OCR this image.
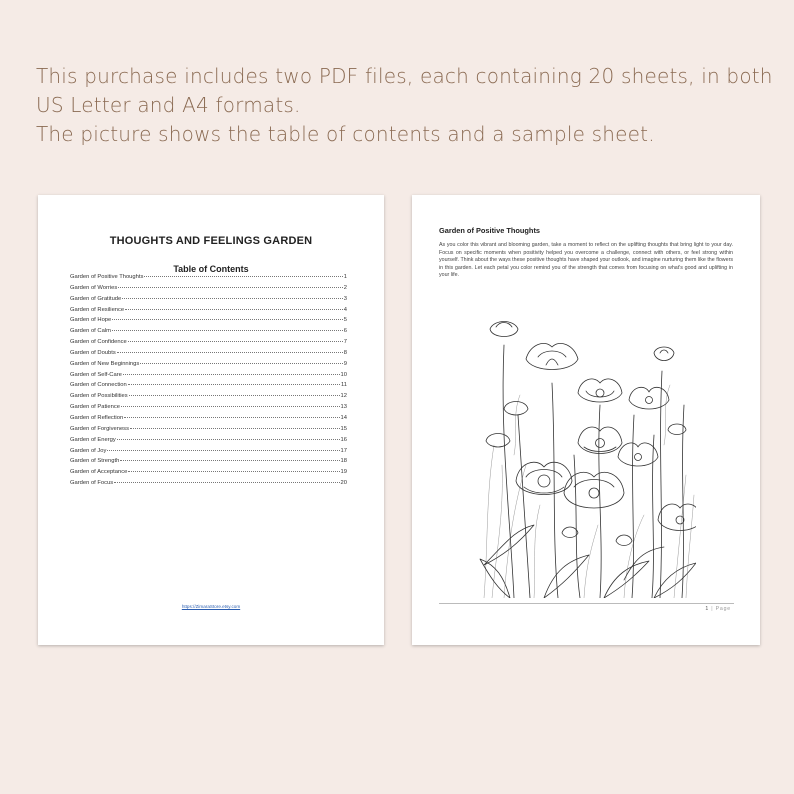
This purchase includes two PDF files, each containing 20 sheets, in both
US Letter and A4 formats.
The picture shows the table of contents and a sample sheet.
THOUGHTS AND FEELINGS GARDEN
Table of Contents
Garden of Positive Thoughts	1
Garden of Worries	2
Garden of Gratitude	3
Garden of Resilience	4
Garden of Hope	5
Garden of Calm	6
Garden of Confidence	7
Garden of Doubts	8
Garden of New Beginnings	9
Garden of Self-Care	10
Garden of Connection	11
Garden of Possibilities	12
Garden of Patience	13
Garden of Reflection	14
Garden of Forgiveness	15
Garden of Energy	16
Garden of Joy	17
Garden of Strength	18
Garden of Acceptance	19
Garden of Focus	20
https://ZimaraStore.etsy.com
Garden of Positive Thoughts
As you color this vibrant and blooming garden, take a moment to reflect on the uplifting thoughts that bring light to your day. Focus on specific moments when positivity helped you overcome a challenge, connect with others, or feel strong within yourself. Think about the ways these positive thoughts have shaped your outlook, and imagine nurturing them like the flowers in this garden. Let each petal you color remind you of the strength that comes from focusing on what's good and uplifting in your life.
1 | Page
